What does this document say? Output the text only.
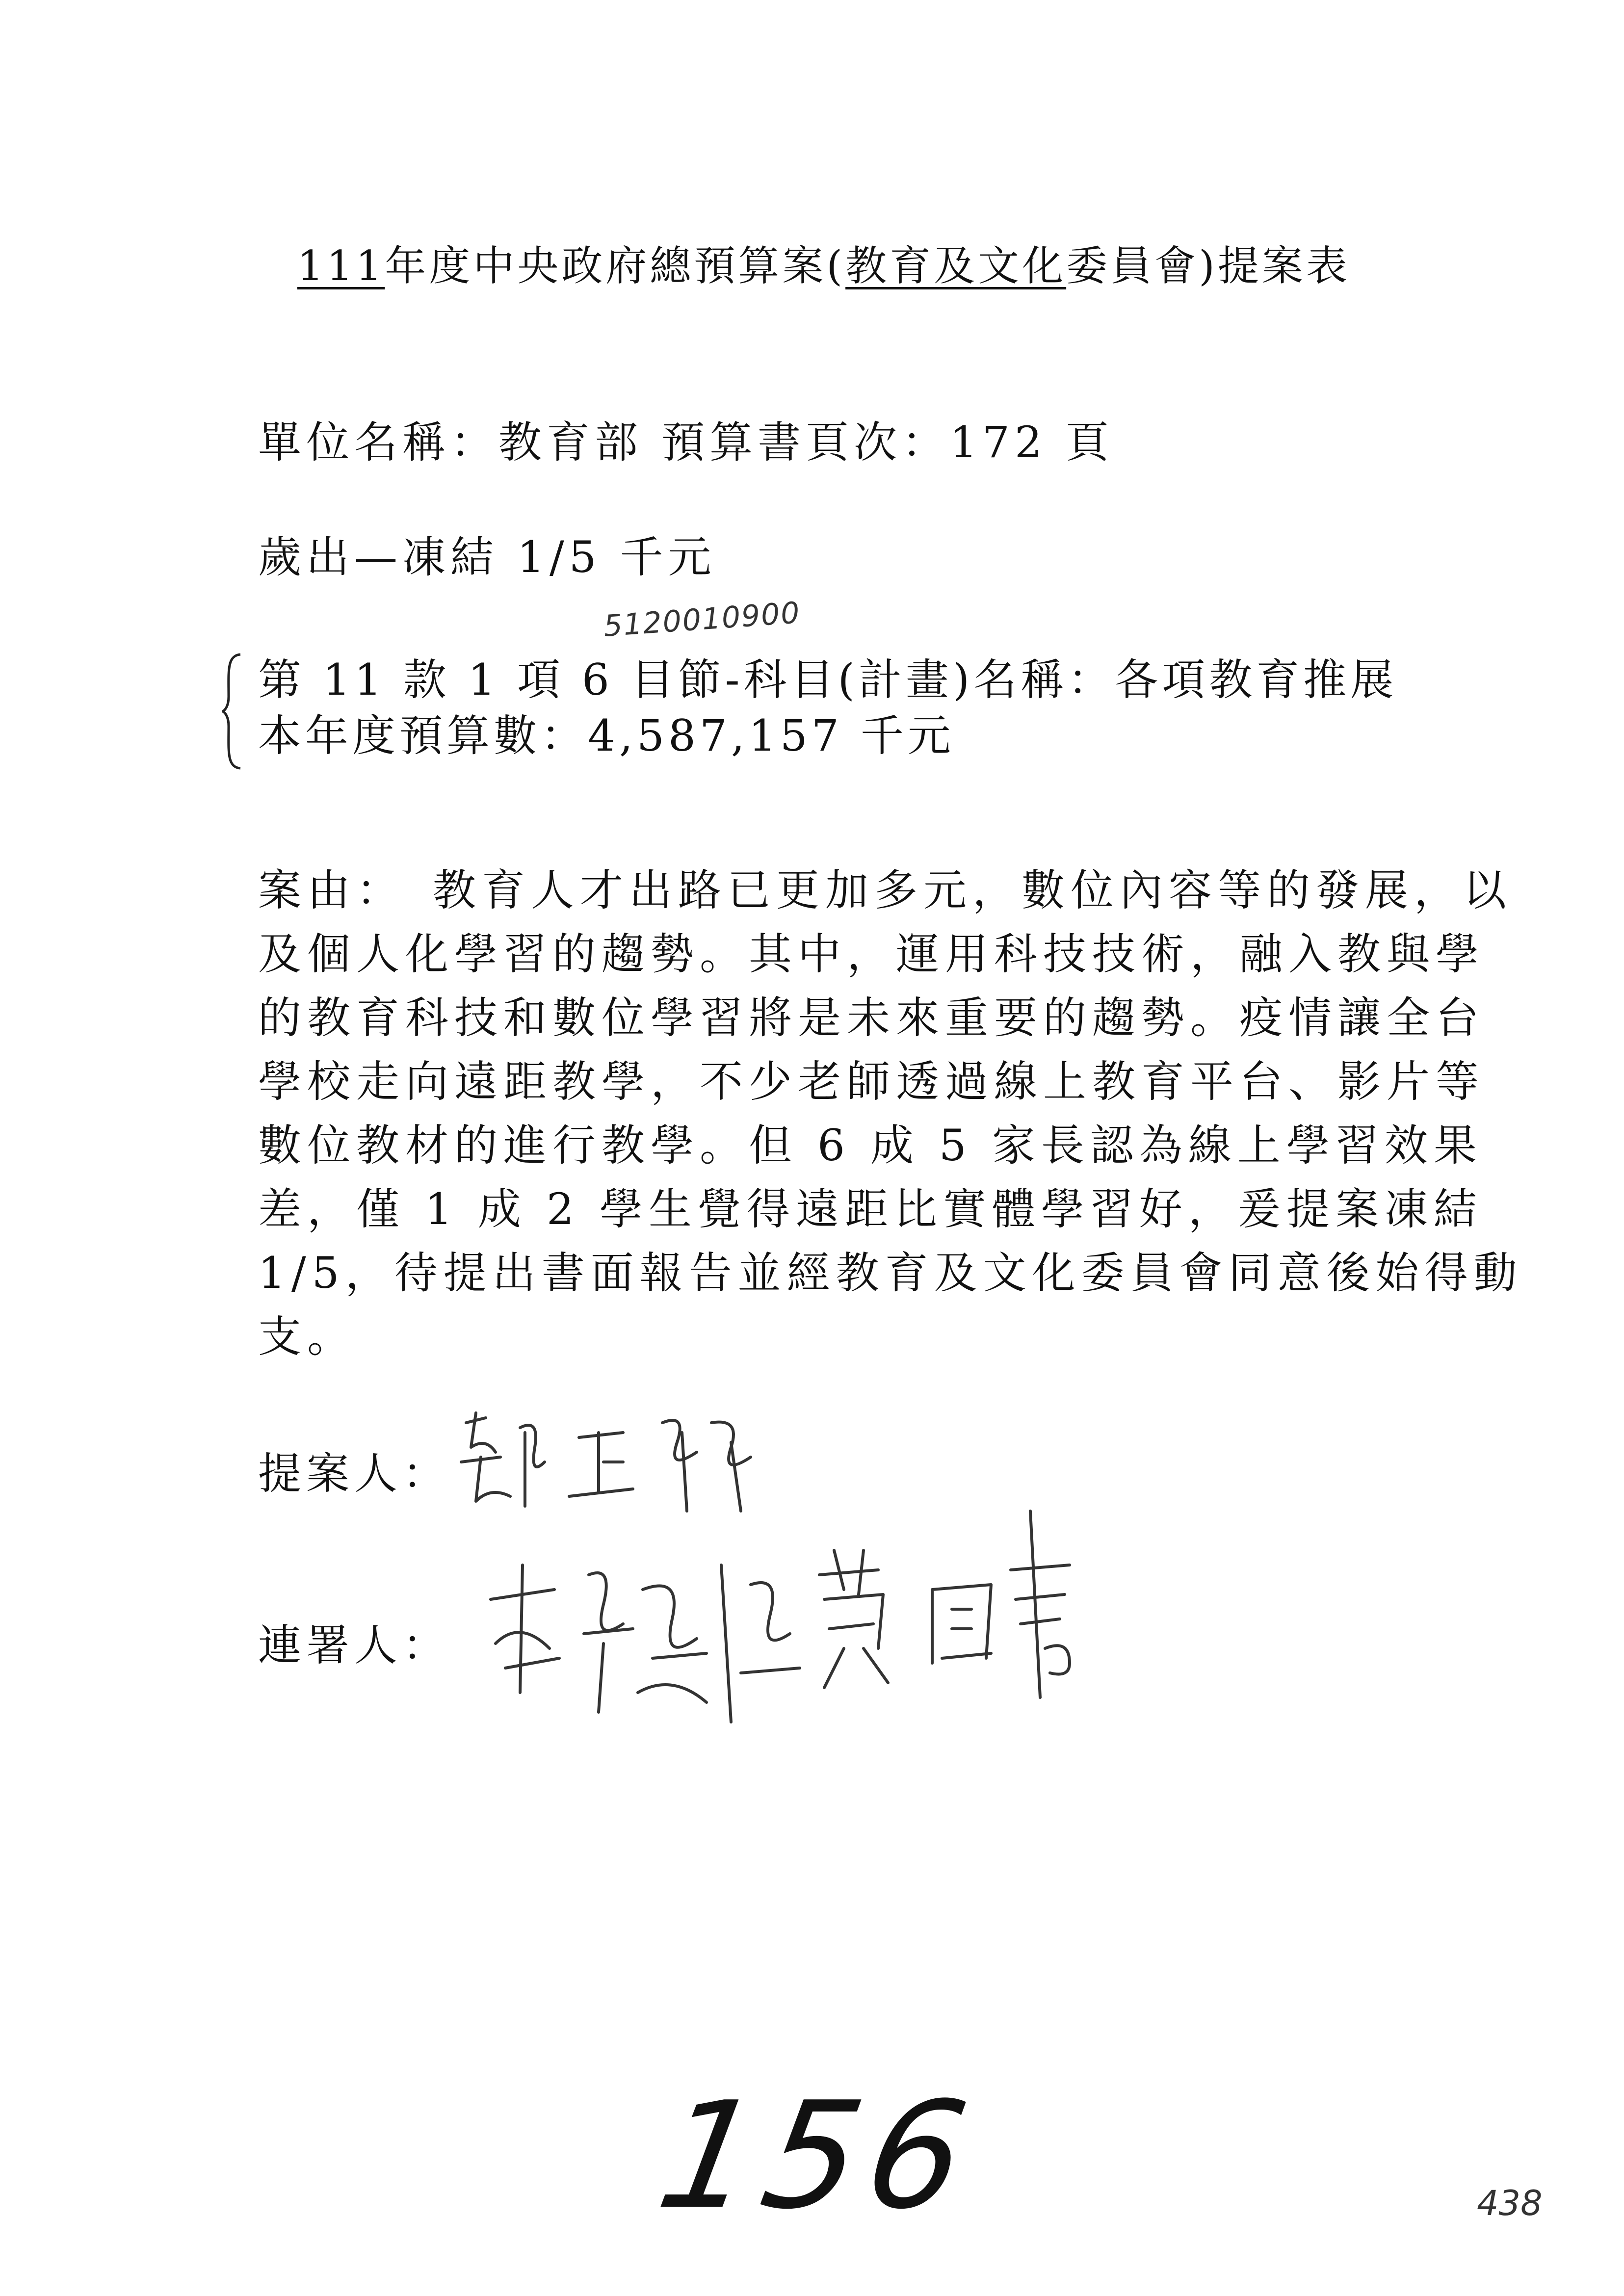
111年度中央政府總預算案(教育及文化委員會)提案表
單位名稱：教育部 預算書頁次：172 頁
歲出—凍結 1/5 千元
5120010900
第 11 款 1 項 6 目節-科目(計畫)名稱：各項教育推展
本年度預算數：4,587,157 千元

案由：　教育人才出路已更加多元，數位內容等的發展，以

及個人化學習的趨勢。其中，運用科技技術，融入教與學

的教育科技和數位學習將是未來重要的趨勢。疫情讓全台

學校走向遠距教學，不少老師透過線上教育平台、影片等

數位教材的進行教學。但 6 成 5 家長認為線上學習效果

差，僅 1 成 2 學生覺得遠距比實體學習好，爰提案凍結

1/5，待提出書面報告並經教育及文化委員會同意後始得動

支。

提案人：
連署人：
156	438
